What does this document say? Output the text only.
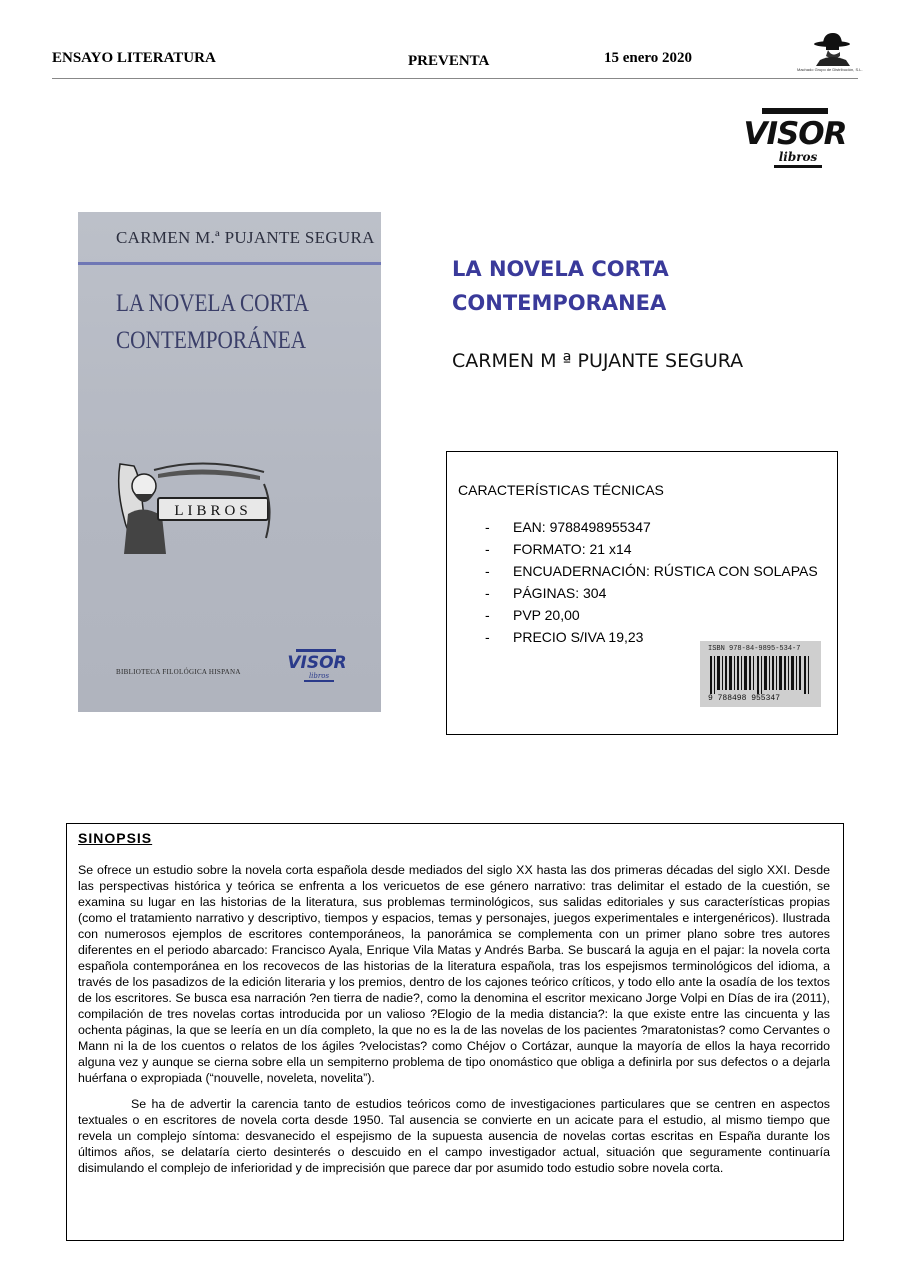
ENSAYO LITERATURA	PREVENTA	15 enero 2020
Machado Grupo de Distribución, S.L.
VISOR
libros
CARMEN M.ª PUJANTE SEGURA
LA NOVELA CORTA
CONTEMPORÁNEA
LIBROS
BIBLIOTECA FILOLÓGICA HISPANA	VISOR
libros
LA NOVELA CORTA
CONTEMPORANEA
CARMEN M ª PUJANTE SEGURA
CARACTERÍSTICAS TÉCNICAS
- EAN: 9788498955347
- FORMATO: 21 x14
- ENCUADERNACIÓN: RÚSTICA CON SOLAPAS
- PÁGINAS: 304
- PVP 20,00
- PRECIO S/IVA 19,23
ISBN 978-84-9895-534-7
9 788498 955347
SINOPSIS

Se ofrece un estudio sobre la novela corta española desde mediados del siglo XX hasta las dos primeras décadas del siglo XXI. Desde las perspectivas histórica y teórica se enfrenta a los vericuetos de ese género narrativo: tras delimitar el estado de la cuestión, se examina su lugar en las historias de la literatura, sus problemas terminológicos, sus salidas editoriales y sus características propias (como el tratamiento narrativo y descriptivo, tiempos y espacios, temas y personajes, juegos experimentales e intergenéricos). Ilustrada con numerosos ejemplos de escritores contemporáneos, la panorámica se complementa con un primer plano sobre tres autores diferentes en el periodo abarcado: Francisco Ayala, Enrique Vila Matas y Andrés Barba. Se buscará la aguja en el pajar: la novela corta española contemporánea en los recovecos de las historias de la literatura española, tras los espejismos terminológicos del idioma, a través de los pasadizos de la edición literaria y los premios, dentro de los cajones teórico críticos, y todo ello ante la osadía de los textos de los escritores. Se busca esa narración ?en tierra de nadie?, como la denomina el escritor mexicano Jorge Volpi en Días de ira (2011), compilación de tres novelas cortas introducida por un valioso ?Elogio de la media distancia?: la que existe entre las cincuenta y las ochenta páginas, la que se leería en un día completo, la que no es la de las novelas de los pacientes ?maratonistas? como Cervantes o Mann ni la de los cuentos o relatos de los ágiles ?velocistas? como Chéjov o Cortázar, aunque la mayoría de ellos la haya recorrido alguna vez y aunque se cierna sobre ella un sempiterno problema de tipo onomástico que obliga a definirla por sus defectos o a dejarla huérfana o expropiada (“nouvelle, noveleta, novelita”).

Se ha de advertir la carencia tanto de estudios teóricos como de investigaciones particulares que se centren en aspectos textuales o en escritores de novela corta desde 1950. Tal ausencia se convierte en un acicate para el estudio, al mismo tiempo que revela un complejo síntoma: desvanecido el espejismo de la supuesta ausencia de novelas cortas escritas en España durante los últimos años, se delataría cierto desinterés o descuido en el campo investigador actual, situación que seguramente continuaría disimulando el complejo de inferioridad y de imprecisión que parece dar por asumido todo estudio sobre novela corta.
